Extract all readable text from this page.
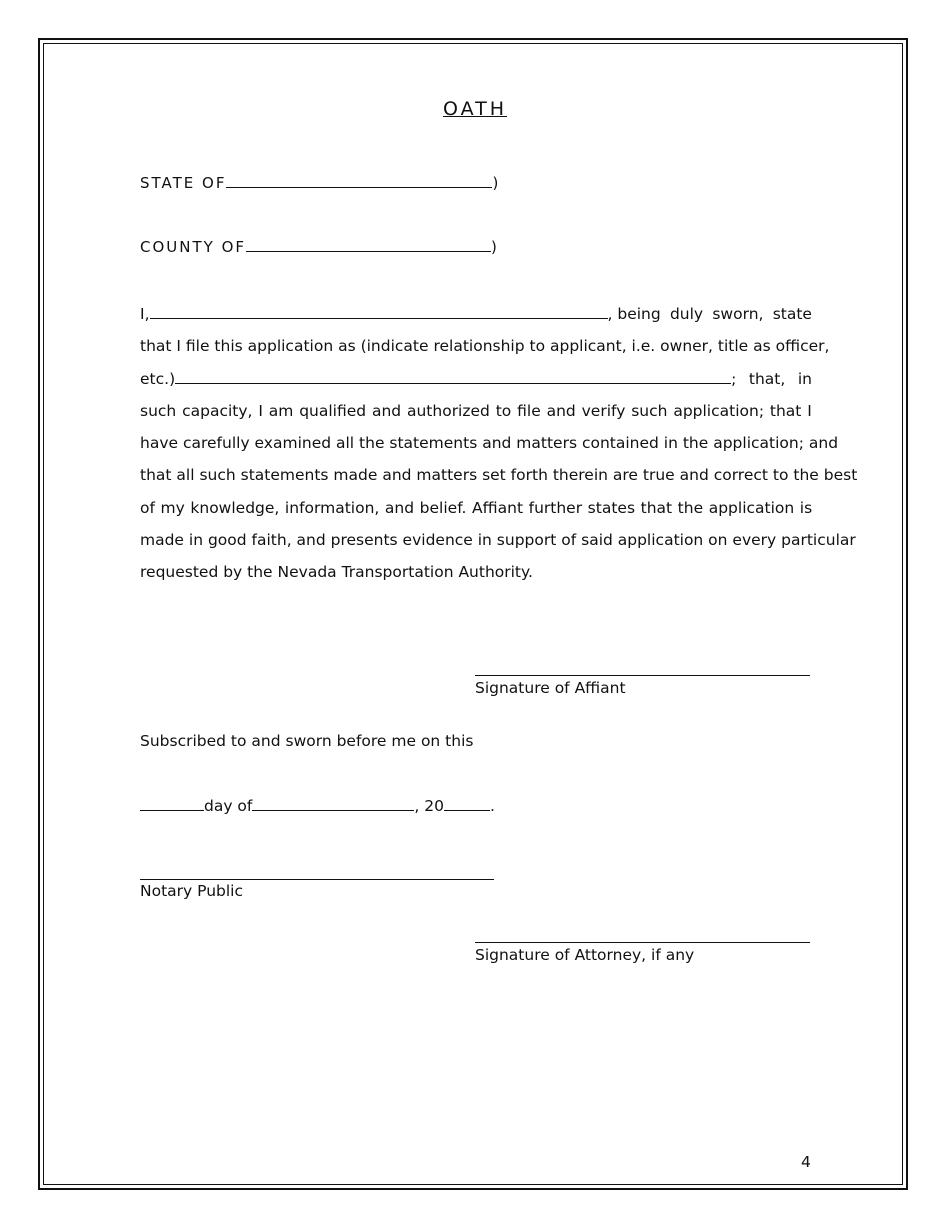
OATH
STATE OF	)
COUNTY OF	)
I,	, being duly sworn, state
that I file this application as (indicate relationship to applicant, i.e. owner, title as officer,
etc.)	; that, in
such capacity, I am qualified and authorized to file and verify such application; that I
have carefully examined all the statements and matters contained in the application; and
that all such statements made and matters set forth therein are true and correct to the best
of my knowledge, information, and belief. Affiant further states that the application is
made in good faith, and presents evidence in support of said application on every particular
requested by the Nevada Transportation Authority.
Signature of Affiant
Subscribed to and sworn before me on this
day of	, 20	.
Notary Public
Signature of Attorney, if any
4
